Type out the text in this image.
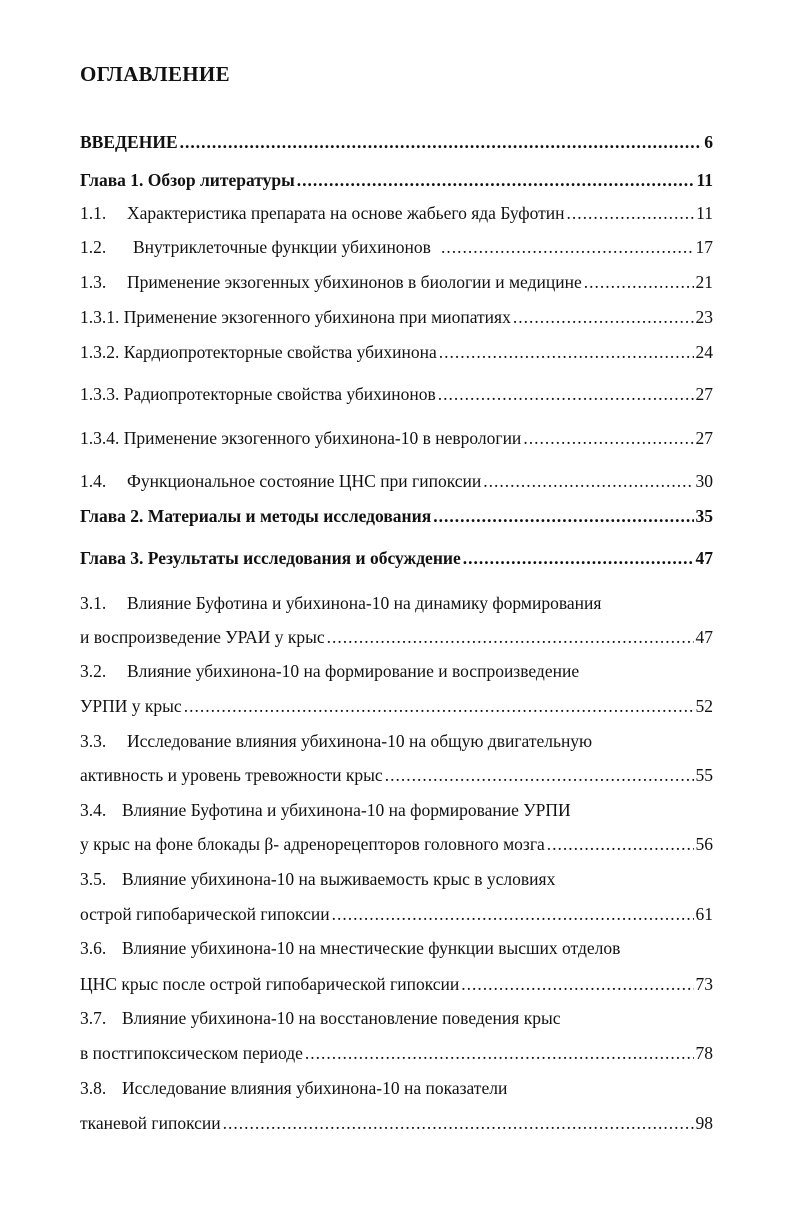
ОГЛАВЛЕНИЕ
ВВЕДЕНИЕ .....	6
Глава 1. Обзор литературы .....	11
1.1.	Характеристика препарата на основе жабьего яда Буфотин .....	11
1.2.	Внутриклеточные функции убихинонов .....	17
1.3.	Применение экзогенных убихинонов в биологии и медицине .....	21
1.3.1. Применение экзогенного убихинона при миопатиях .....	23
1.3.2. Кардиопротекторные свойства убихинона .....	24
1.3.3. Радиопротекторные свойства убихинонов .....	27
1.3.4. Применение экзогенного убихинона-10 в неврологии .....	27
1.4.	Функциональное состояние ЦНС при гипоксии .....	30
Глава 2. Материалы и методы исследования .....	35
Глава 3. Результаты исследования и обсуждение .....	47
3.1. Влияние Буфотина и убихинона-10 на динамику формирования
и воспроизведение УРАИ у крыс .....	47
3.2. Влияние убихинона-10 на формирование и воспроизведение
УРПИ у крыс .....	52
3.3. Исследование влияния убихинона-10 на общую двигательную
активность и уровень тревожности крыс .....	55
3.4. Влияние Буфотина и убихинона-10 на формирование УРПИ
у крыс на фоне блокады β- адренорецепторов головного мозга .....	56
3.5. Влияние убихинона-10 на выживаемость крыс в условиях
острой гипобарической гипоксии .....	61
3.6. Влияние убихинона-10 на мнестические функции высших отделов
ЦНС крыс после острой гипобарической гипоксии .....	73
3.7. Влияние убихинона-10 на восстановление поведения крыс
в постгипоксическом периоде .....	78
3.8. Исследование влияния убихинона-10 на показатели
тканевой гипоксии .....	98
